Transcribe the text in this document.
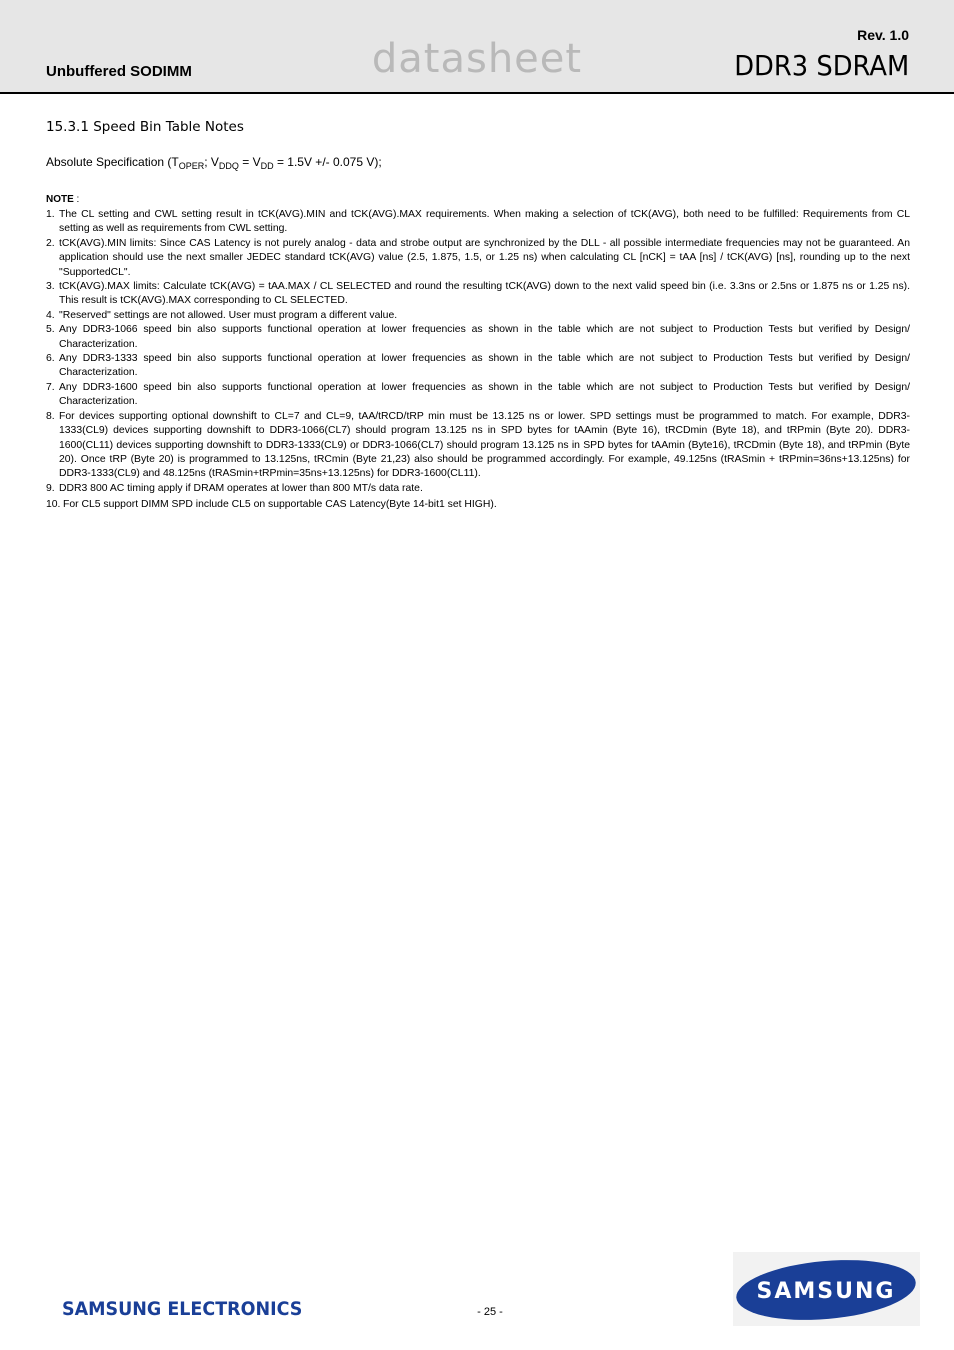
Unbuffered SODIMM	datasheet
Rev. 1.0
DDR3 SDRAM
15.3.1 Speed Bin Table Notes
Absolute Specification ($T_{OPER}$; $V_{DDQ} = V_{DD} = 1.5V$ +/- 0.075 V);
NOTE :
1. The CL setting and CWL setting result in tCK(AVG).MIN and tCK(AVG).MAX requirements. When making a selection of tCK(AVG), both need to be fulfilled: Requirements from CL setting as well as requirements from CWL setting.
2. tCK(AVG).MIN limits: Since CAS Latency is not purely analog - data and strobe output are synchronized by the DLL - all possible intermediate frequencies may not be guaranteed. An application should use the next smaller JEDEC standard tCK(AVG) value (2.5, 1.875, 1.5, or 1.25 ns) when calculating CL [nCK] = tAA [ns] / tCK(AVG) [ns], rounding up to the next "SupportedCL".
3. tCK(AVG).MAX limits: Calculate tCK(AVG) = tAA.MAX / CL SELECTED and round the resulting tCK(AVG) down to the next valid speed bin (i.e. 3.3ns or 2.5ns or 1.875 ns or 1.25 ns). This result is tCK(AVG).MAX corresponding to CL SELECTED.
4. "Reserved" settings are not allowed. User must program a different value.
5. Any DDR3-1066 speed bin also supports functional operation at lower frequencies as shown in the table which are not subject to Production Tests but verified by Design/ Characterization.
6. Any DDR3-1333 speed bin also supports functional operation at lower frequencies as shown in the table which are not subject to Production Tests but verified by Design/ Characterization.
7. Any DDR3-1600 speed bin also supports functional operation at lower frequencies as shown in the table which are not subject to Production Tests but verified by Design/ Characterization.
8. For devices supporting optional downshift to CL=7 and CL=9, tAA/tRCD/tRP min must be 13.125 ns or lower. SPD settings must be programmed to match. For example, DDR3-1333(CL9) devices supporting downshift to DDR3-1066(CL7) should program 13.125 ns in SPD bytes for tAAmin (Byte 16), tRCDmin (Byte 18), and tRPmin (Byte 20). DDR3-1600(CL11) devices supporting downshift to DDR3-1333(CL9) or DDR3-1066(CL7) should program 13.125 ns in SPD bytes for tAAmin (Byte16), tRCDmin (Byte 18), and tRPmin (Byte 20). Once tRP (Byte 20) is programmed to 13.125ns, tRCmin (Byte 21,23) also should be programmed accordingly. For example, 49.125ns (tRASmin + tRPmin=36ns+13.125ns) for DDR3-1333(CL9) and 48.125ns (tRASmin+tRPmin=35ns+13.125ns) for DDR3-1600(CL11).
9. DDR3 800 AC timing apply if DRAM operates at lower than 800 MT/s data rate.
10. For CL5 support DIMM SPD include CL5 on supportable CAS Latency(Byte 14-bit1 set HIGH).
SAMSUNG ELECTRONICS	- 25 -
SAMSUNG
